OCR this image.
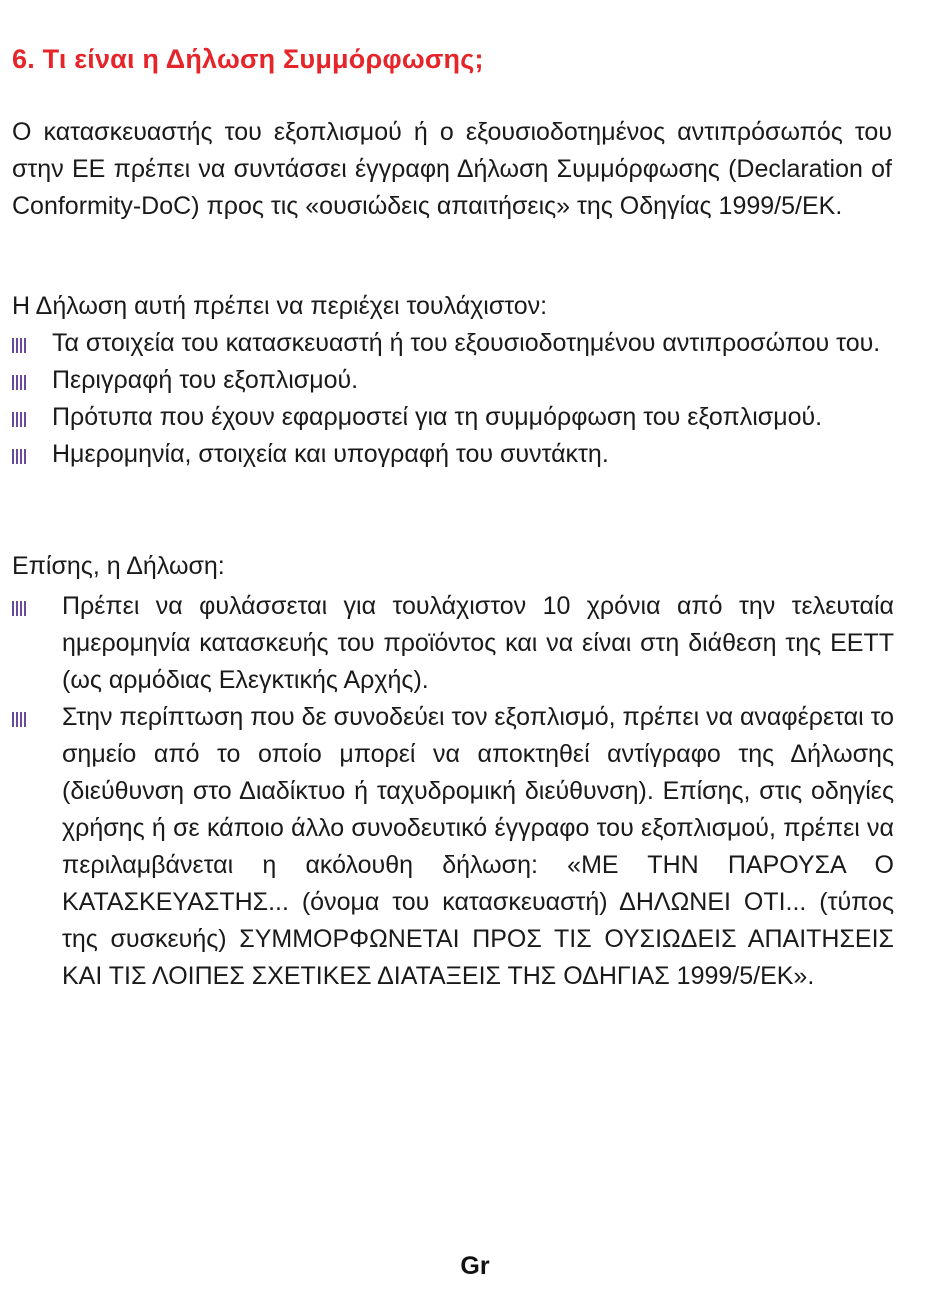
6. Τι είναι η Δήλωση Συμμόρφωσης;

Ο κατασκευαστής του εξοπλισμού ή ο εξουσιοδοτημένος αντιπρόσωπός του στην ΕΕ πρέπει να συντάσσει έγγραφη Δήλωση Συμμόρφωσης (Declaration of Conformity-DoC) προς τις «ουσιώδεις απαιτήσεις» της Οδηγίας 1999/5/ΕΚ.

Η Δήλωση αυτή πρέπει να περιέχει τουλάχιστον:

Τα στοιχεία του κατασκευαστή ή του εξουσιοδοτημένου αντιπροσώπου του.
Περιγραφή του εξοπλισμού.
Πρότυπα που έχουν εφαρμοστεί για τη συμμόρφωση του εξοπλισμού.
Ημερομηνία, στοιχεία και υπογραφή του συντάκτη.

Επίσης, η Δήλωση:

Πρέπει να φυλάσσεται για τουλάχιστον 10 χρόνια από την τελευταία ημερομηνία κατασκευής του προϊόντος και να είναι στη διάθεση της ΕΕΤΤ (ως αρμόδιας Ελεγκτικής Αρχής).
Στην περίπτωση που δε συνοδεύει τον εξοπλισμό, πρέπει να αναφέρεται το σημείο από το οποίο μπορεί να αποκτηθεί αντίγραφο της Δήλωσης (διεύθυνση στο Διαδίκτυο ή ταχυδρομική διεύθυνση). Επίσης, στις οδηγίες χρήσης ή σε κάποιο άλλο συνοδευτικό έγγραφο του εξοπλισμού, πρέπει να περιλαμβάνεται η ακόλουθη δήλωση: «ΜΕ ΤΗΝ ΠΑΡΟΥΣΑ Ο ΚΑΤΑΣΚΕΥΑΣΤΗΣ... (όνομα του κατασκευαστή) ΔΗΛΩΝΕΙ ΟΤΙ... (τύπος της συσκευής) ΣΥΜΜΟΡΦΩΝΕΤΑΙ ΠΡΟΣ ΤΙΣ ΟΥΣΙΩΔΕΙΣ ΑΠΑΙΤΗΣΕΙΣ ΚΑΙ ΤΙΣ ΛΟΙΠΕΣ ΣΧΕΤΙΚΕΣ ΔΙΑΤΑΞΕΙΣ ΤΗΣ ΟΔΗΓΙΑΣ 1999/5/ΕΚ».
Gr
